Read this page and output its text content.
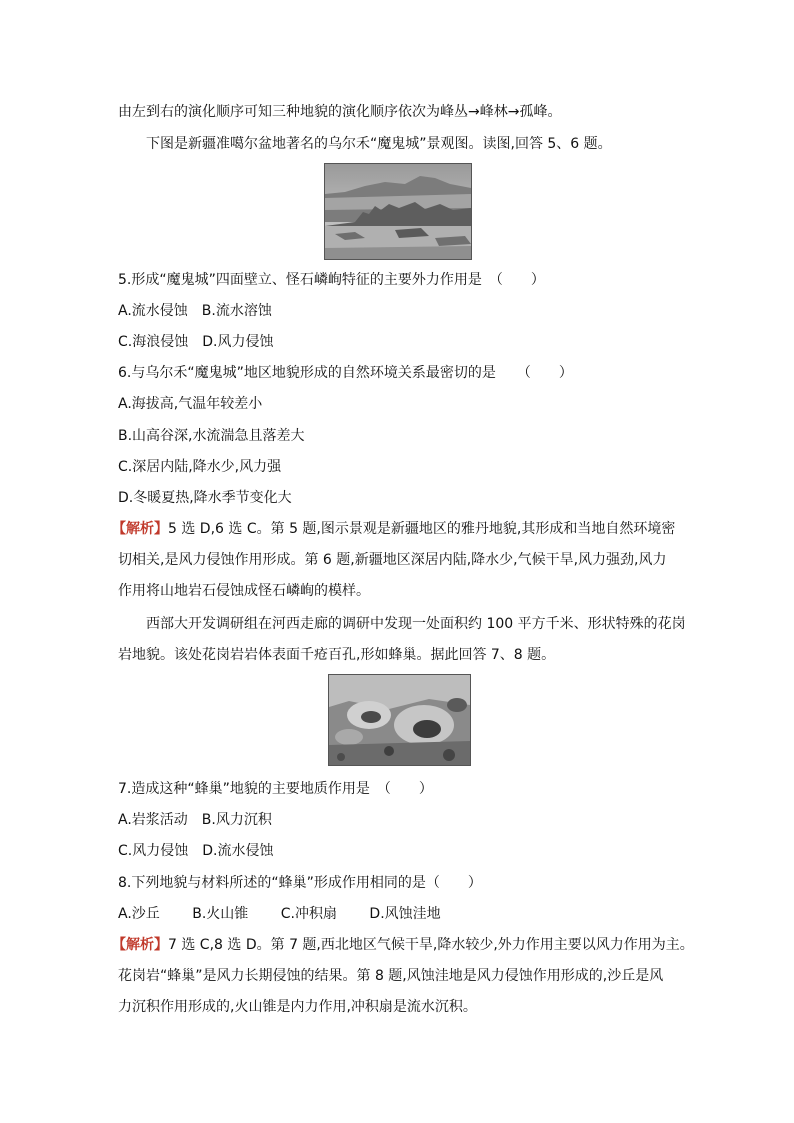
由左到右的演化顺序可知三种地貌的演化顺序依次为峰丛→峰林→孤峰。
下图是新疆准噶尔盆地著名的乌尔禾“魔鬼城”景观图。读图,回答 5、6 题。
5.形成“魔鬼城”四面壁立、怪石嶙峋特征的主要外力作用是　（　　）
A.流水侵蚀　B.流水溶蚀
C.海浪侵蚀　D.风力侵蚀
6.与乌尔禾“魔鬼城”地区地貌形成的自然环境关系最密切的是　　（　　）
A.海拔高,气温年较差小
B.山高谷深,水流湍急且落差大
C.深居内陆,降水少,风力强
D.冬暖夏热,降水季节变化大
【解析】5 选 D,6 选 C。第 5 题,图示景观是新疆地区的雅丹地貌,其形成和当地自然环境密
切相关,是风力侵蚀作用形成。第 6 题,新疆地区深居内陆,降水少,气候干旱,风力强劲,风力
作用将山地岩石侵蚀成怪石嶙峋的模样。
西部大开发调研组在河西走廊的调研中发现一处面积约 100 平方千米、形状特殊的花岗
岩地貌。该处花岗岩岩体表面千疮百孔,形如蜂巢。据此回答 7、8 题。
7.造成这种“蜂巢”地貌的主要地质作用是　（　　）
A.岩浆活动　B.风力沉积
C.风力侵蚀　D.流水侵蚀
8.下列地貌与材料所述的“蜂巢”形成作用相同的是（　　）
A.沙丘　　 B.火山锥　　 C.冲积扇　　 D.风蚀洼地
【解析】7 选 C,8 选 D。第 7 题,西北地区气候干旱,降水较少,外力作用主要以风力作用为主。
花岗岩“蜂巢”是风力长期侵蚀的结果。第 8 题,风蚀洼地是风力侵蚀作用形成的,沙丘是风
力沉积作用形成的,火山锥是内力作用,冲积扇是流水沉积。
